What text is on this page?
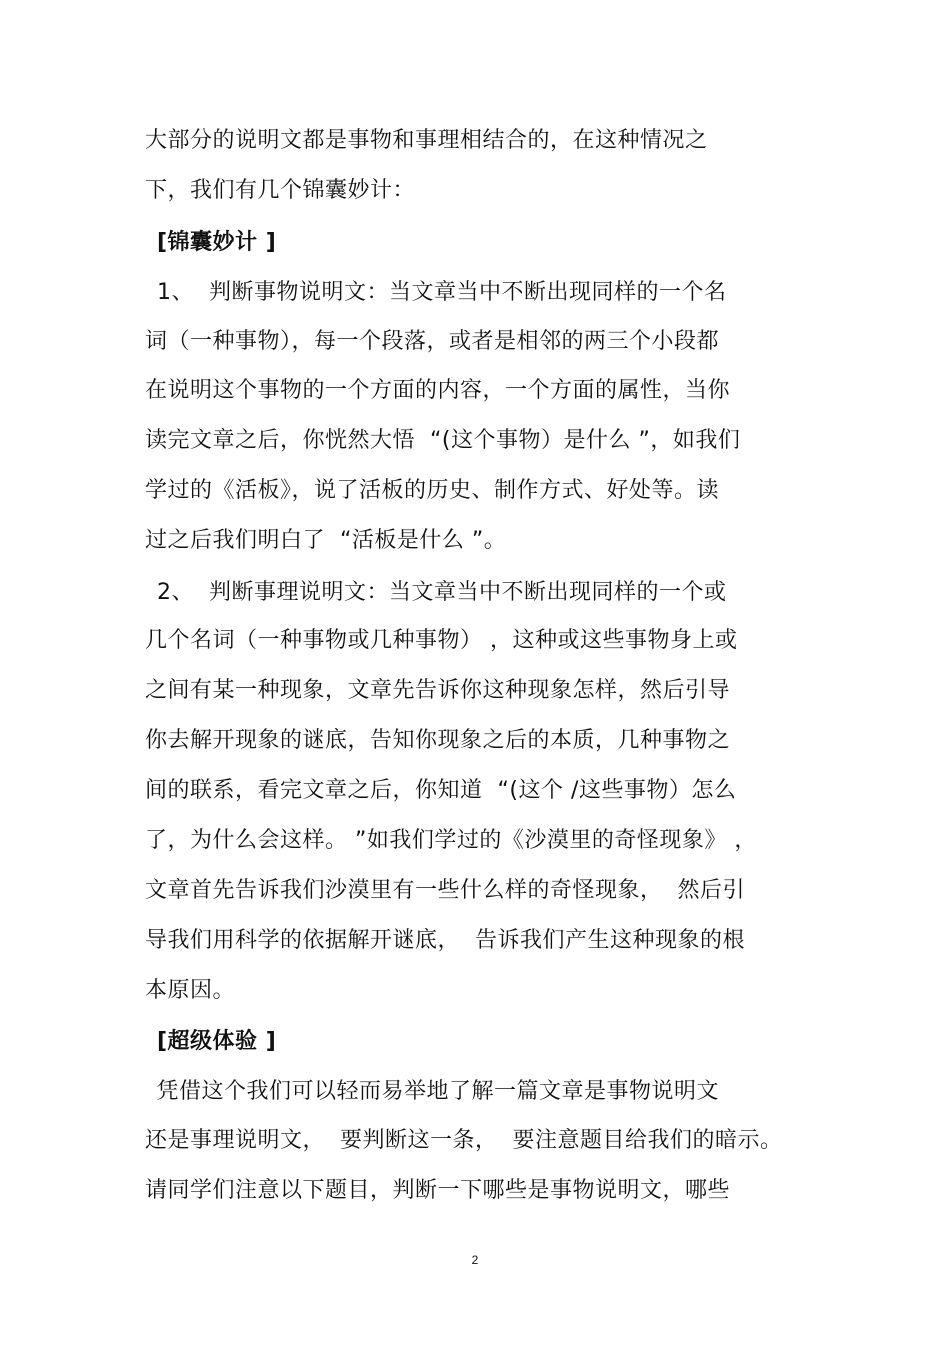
大部分的说明文都是事物和事理相结合的，在这种情况之
下，我们有几个锦囊妙计：
[锦囊妙计 ]
1、  判断事物说明文：当文章当中不断出现同样的一个名
词（一种事物），每一个段落，或者是相邻的两三个小段都
在说明这个事物的一个方面的内容，一个方面的属性，当你
读完文章之后，你恍然大悟  “(这个事物）是什么 ”，如我们
学过的《活板》，说了活板的历史、制作方式、好处等。读
过之后我们明白了  “活板是什么 ”。
2、  判断事理说明文：当文章当中不断出现同样的一个或
几个名词（一种事物或几种事物） ，这种或这些事物身上或
之间有某一种现象，文章先告诉你这种现象怎样，然后引导
你去解开现象的谜底，告知你现象之后的本质，几种事物之
间的联系，看完文章之后，你知道  “(这个 /这些事物）怎么
了，为什么会这样。 ”如我们学过的《沙漠里的奇怪现象》 ，
文章首先告诉我们沙漠里有一些什么样的奇怪现象，  然后引
导我们用科学的依据解开谜底，  告诉我们产生这种现象的根
本原因。
[超级体验 ]
凭借这个我们可以轻而易举地了解一篇文章是事物说明文
还是事理说明文，  要判断这一条，  要注意题目给我们的暗示。
请同学们注意以下题目，判断一下哪些是事物说明文，哪些
2
